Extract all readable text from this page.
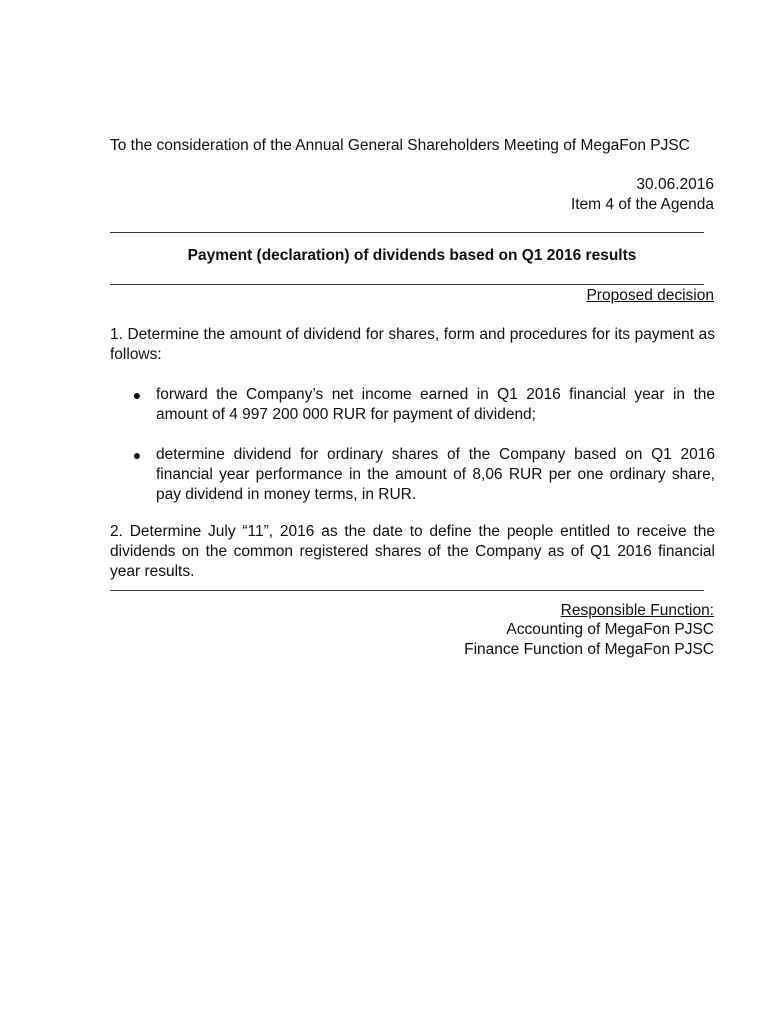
To the consideration of the Annual General Shareholders Meeting of MegaFon PJSC
30.06.2016
Item 4 of the Agenda
Payment (declaration) of dividends based on Q1 2016 results
Proposed decision
1. Determine the amount of dividend for shares, form and procedures for its payment as follows:
● forward the Company’s net income earned in Q1 2016 financial year in the amount of 4 997 200 000 RUR for payment of dividend;
● determine dividend for ordinary shares of the Company based on Q1 2016 financial year performance in the amount of 8,06 RUR per one ordinary share, pay dividend in money terms, in RUR.
2. Determine July “11”, 2016 as the date to define the people entitled to receive the dividends on the common registered shares of the Company as of Q1 2016 financial year results.
Responsible Function:
Accounting of MegaFon PJSC
Finance Function of MegaFon PJSC
